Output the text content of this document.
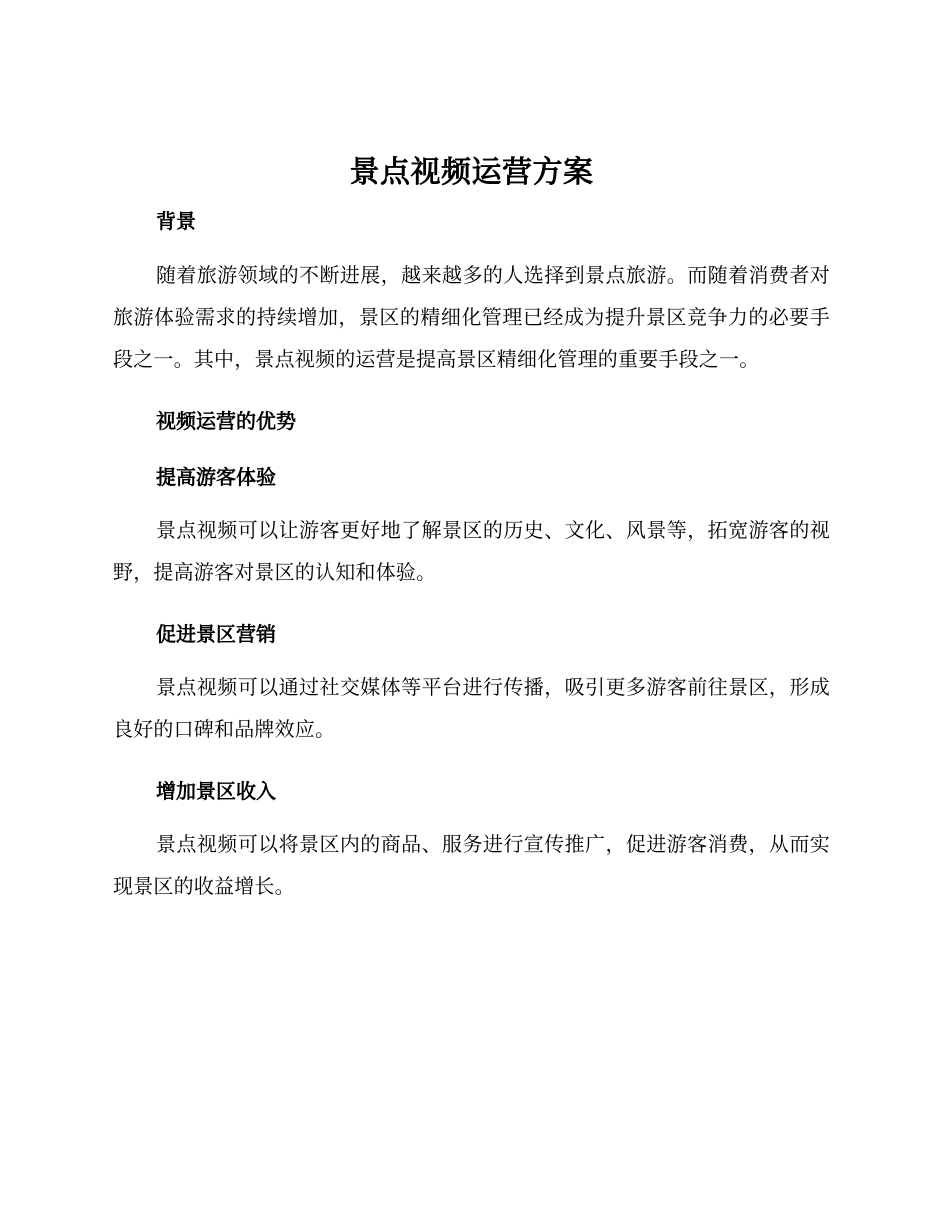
景点视频运营方案
背景

随着旅游领域的不断进展，越来越多的人选择到景点旅游。而随着消费者对旅游体验需求的持续增加，景区的精细化管理已经成为提升景区竞争力的必要手段之一。其中，景点视频的运营是提高景区精细化管理的重要手段之一。

视频运营的优势
提高游客体验

景点视频可以让游客更好地了解景区的历史、文化、风景等，拓宽游客的视野，提高游客对景区的认知和体验。

促进景区营销

景点视频可以通过社交媒体等平台进行传播，吸引更多游客前往景区，形成良好的口碑和品牌效应。

增加景区收入

景点视频可以将景区内的商品、服务进行宣传推广，促进游客消费，从而实现景区的收益增长。
